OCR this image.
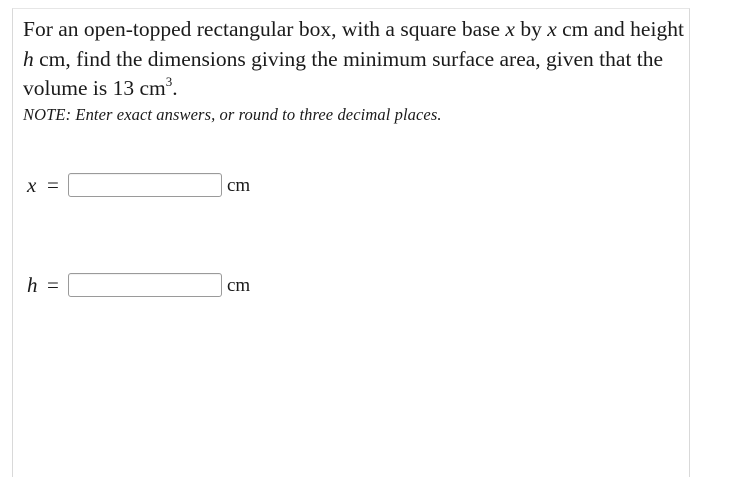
For an open-topped rectangular box, with a square base x by x cm and height h cm, find the dimensions giving the minimum surface area, given that the volume is 13 $cm^3$.
NOTE: Enter exact answers, or round to three decimal places.
x =	cm
h =	cm
